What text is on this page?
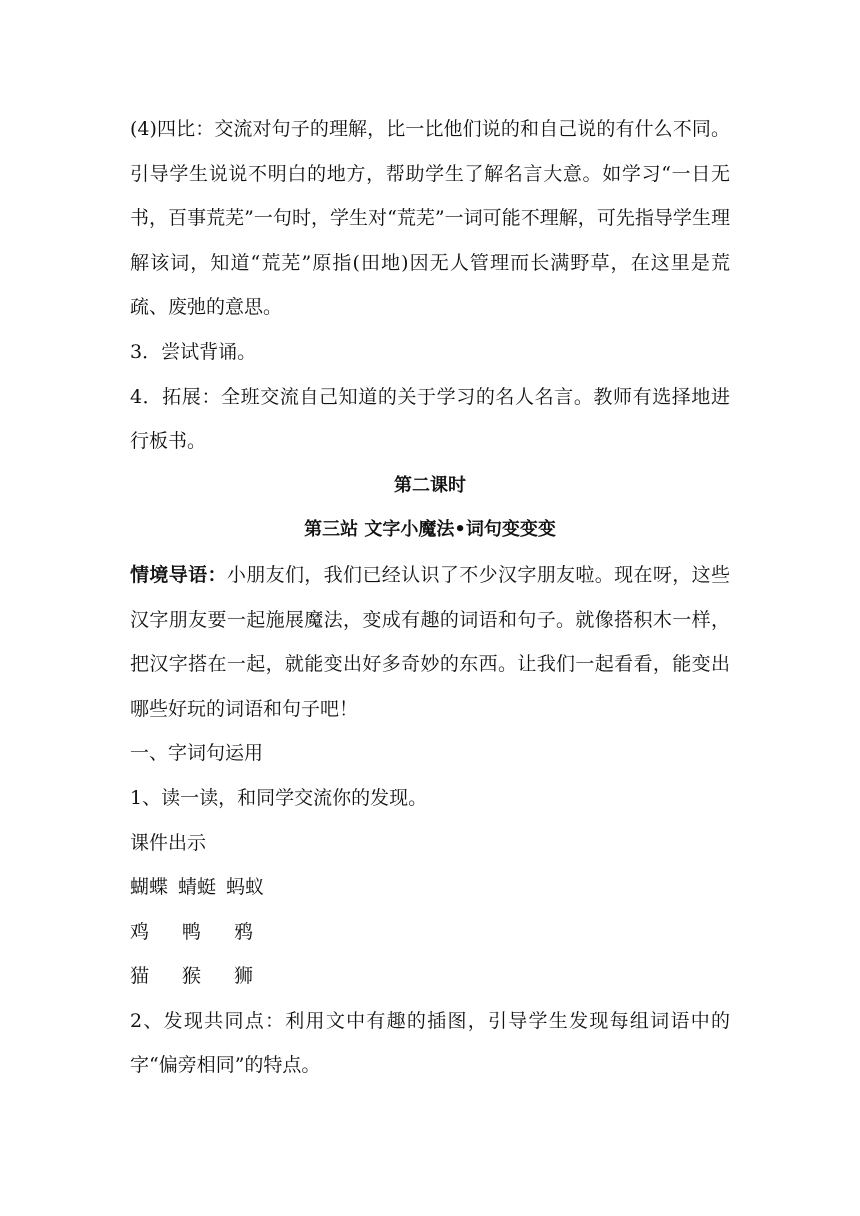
(4)四比：交流对句子的理解，比一比他们说的和自己说的有什么不同。引导学生说说不明白的地方，帮助学生了解名言大意。如学习“一日无书，百事荒芜”一句时，学生对“荒芜”一词可能不理解，可先指导学生理解该词，知道“荒芜”原指(田地)因无人管理而长满野草，在这里是荒疏、废弛的意思。

3．尝试背诵。

4．拓展：全班交流自己知道的关于学习的名人名言。教师有选择地进行板书。

第二课时

第三站 文字小魔法•词句变变变

情境导语：小朋友们，我们已经认识了不少汉字朋友啦。现在呀，这些汉字朋友要一起施展魔法，变成有趣的词语和句子。就像搭积木一样，把汉字搭在一起，就能变出好多奇妙的东西。让我们一起看看，能变出哪些好玩的词语和句子吧！

一、字词句运用

1、读一读，和同学交流你的发现。

课件出示

蝴蝶 蜻蜓 蚂蚁
鸡	鸭	鸦
猫	猴	狮

2、发现共同点：利用文中有趣的插图，引导学生发现每组词语中的字“偏旁相同”的特点。
